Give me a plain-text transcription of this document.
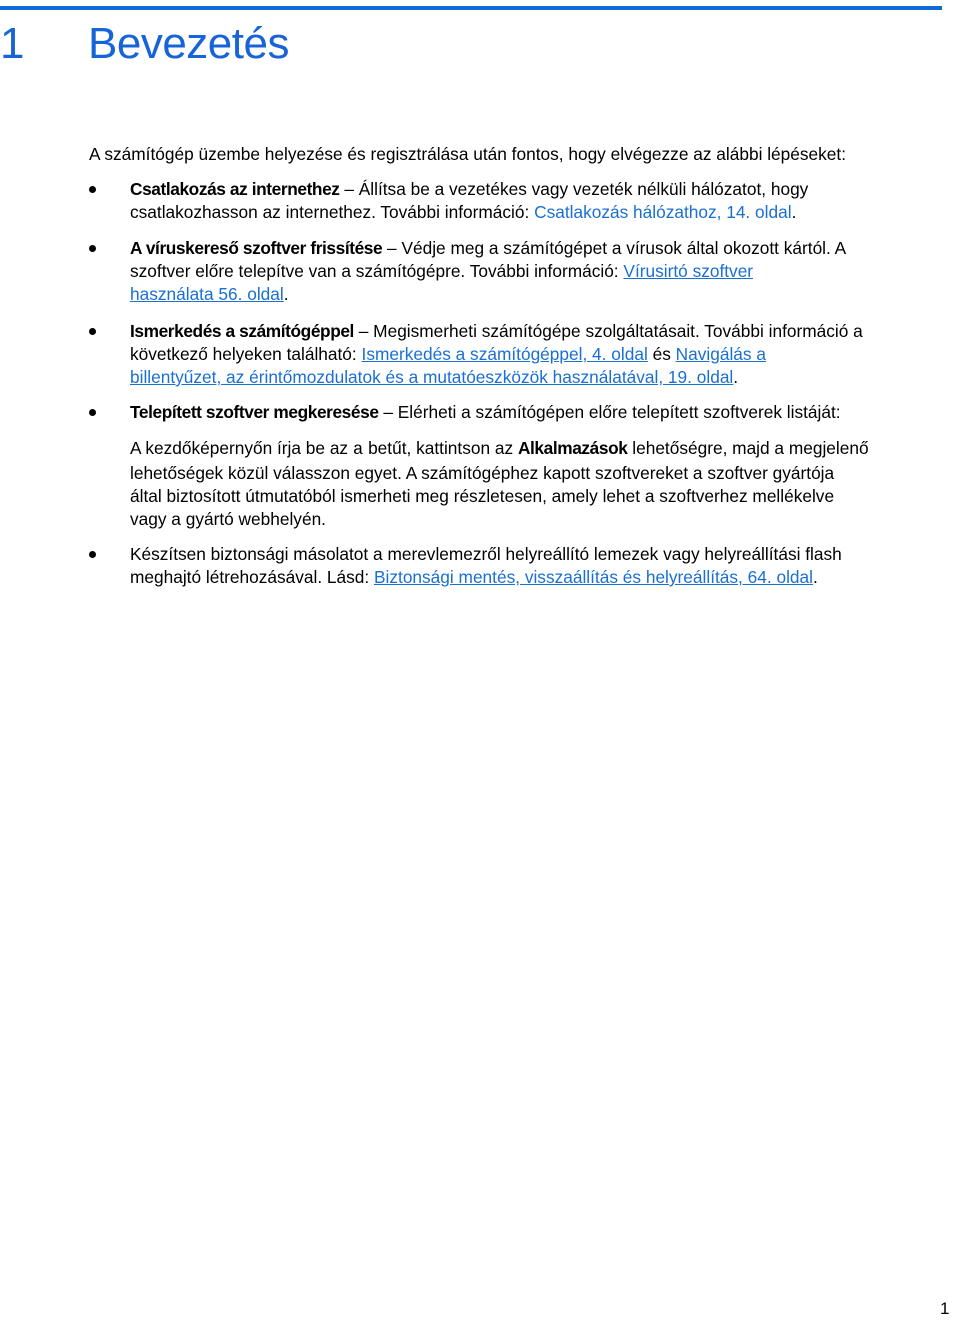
1 Bevezetés

A számítógép üzembe helyezése és regisztrálása után fontos, hogy elvégezze az alábbi lépéseket:

Csatlakozás az internethez – Állítsa be a vezetékes vagy vezeték nélküli hálózatot, hogy
csatlakozhasson az internethez. További információ: Csatlakozás hálózathoz, 14. oldal.

A víruskereső szoftver frissítése – Védje meg a számítógépet a vírusok által okozott kártól. A
szoftver előre telepítve van a számítógépre. További információ: Vírusirtó szoftver
használata 56. oldal.

Ismerkedés a számítógéppel – Megismerheti számítógépe szolgáltatásait. További információ a
következő helyeken található: Ismerkedés a számítógéppel, 4. oldal és Navigálás a
billentyűzet, az érintőmozdulatok és a mutatóeszközök használatával, 19. oldal.

Telepített szoftver megkeresése – Elérheti a számítógépen előre telepített szoftverek listáját:

A kezdőképernyőn írja be az a betűt, kattintson az Alkalmazások lehetőségre, majd a megjelenő
lehetőségek közül válasszon egyet. A számítógéphez kapott szoftvereket a szoftver gyártója
által biztosított útmutatóból ismerheti meg részletesen, amely lehet a szoftverhez mellékelve
vagy a gyártó webhelyén.

Készítsen biztonsági másolatot a merevlemezről helyreállító lemezek vagy helyreállítási flash
meghajtó létrehozásával. Lásd: Biztonsági mentés, visszaállítás és helyreállítás, 64. oldal.

1
